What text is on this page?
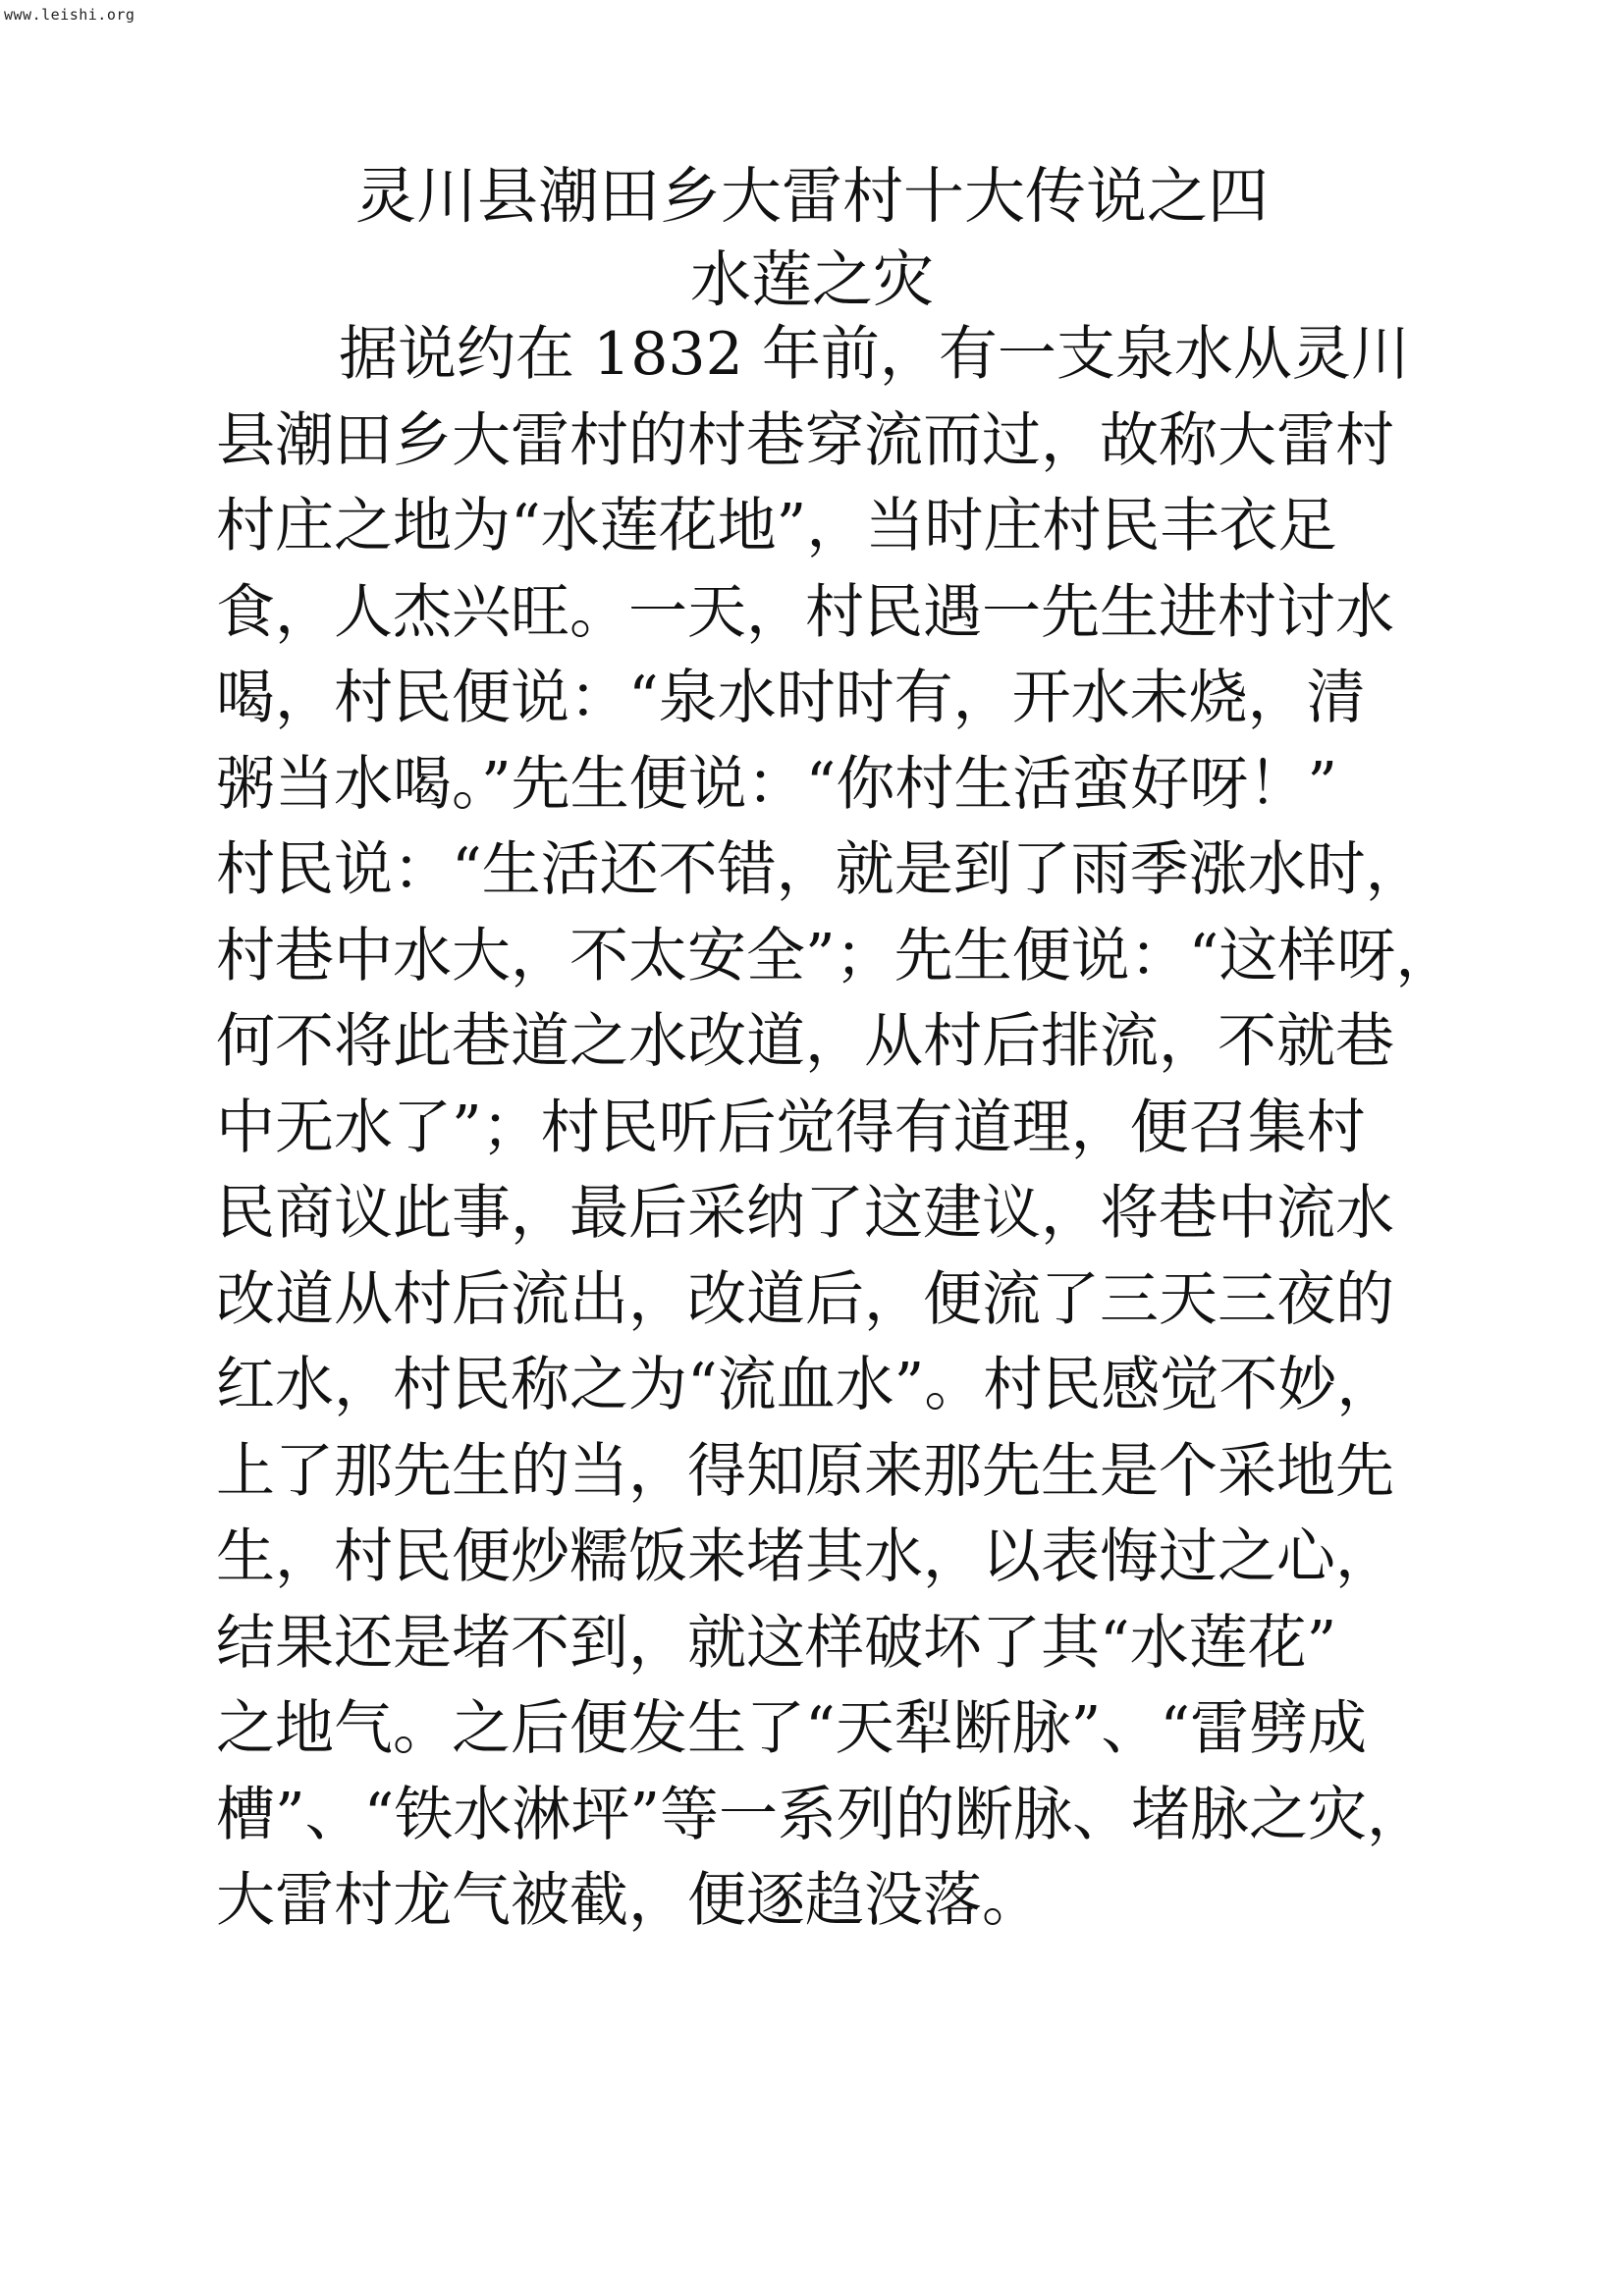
www.leishi.org
灵川县潮田乡大雷村十大传说之四
水莲之灾
据说约在 1832 年前，有一支泉水从灵川
县潮田乡大雷村的村巷穿流而过，故称大雷村
村庄之地为“水莲花地”，当时庄村民丰衣足
食，人杰兴旺。一天，村民遇一先生进村讨水
喝，村民便说：“泉水时时有，开水未烧，清
粥当水喝。”先生便说：“你村生活蛮好呀！”
村民说：“生活还不错，就是到了雨季涨水时，
村巷中水大，不太安全”；先生便说：“这样呀，
何不将此巷道之水改道，从村后排流，不就巷
中无水了”；村民听后觉得有道理，便召集村
民商议此事，最后采纳了这建议，将巷中流水
改道从村后流出，改道后，便流了三天三夜的
红水，村民称之为“流血水”。村民感觉不妙，
上了那先生的当，得知原来那先生是个采地先
生，村民便炒糯饭来堵其水，以表悔过之心，
结果还是堵不到，就这样破坏了其“水莲花”
之地气。之后便发生了“天犁断脉”、“雷劈成
槽”、“铁水淋坪”等一系列的断脉、堵脉之灾，
大雷村龙气被截，便逐趋没落。
